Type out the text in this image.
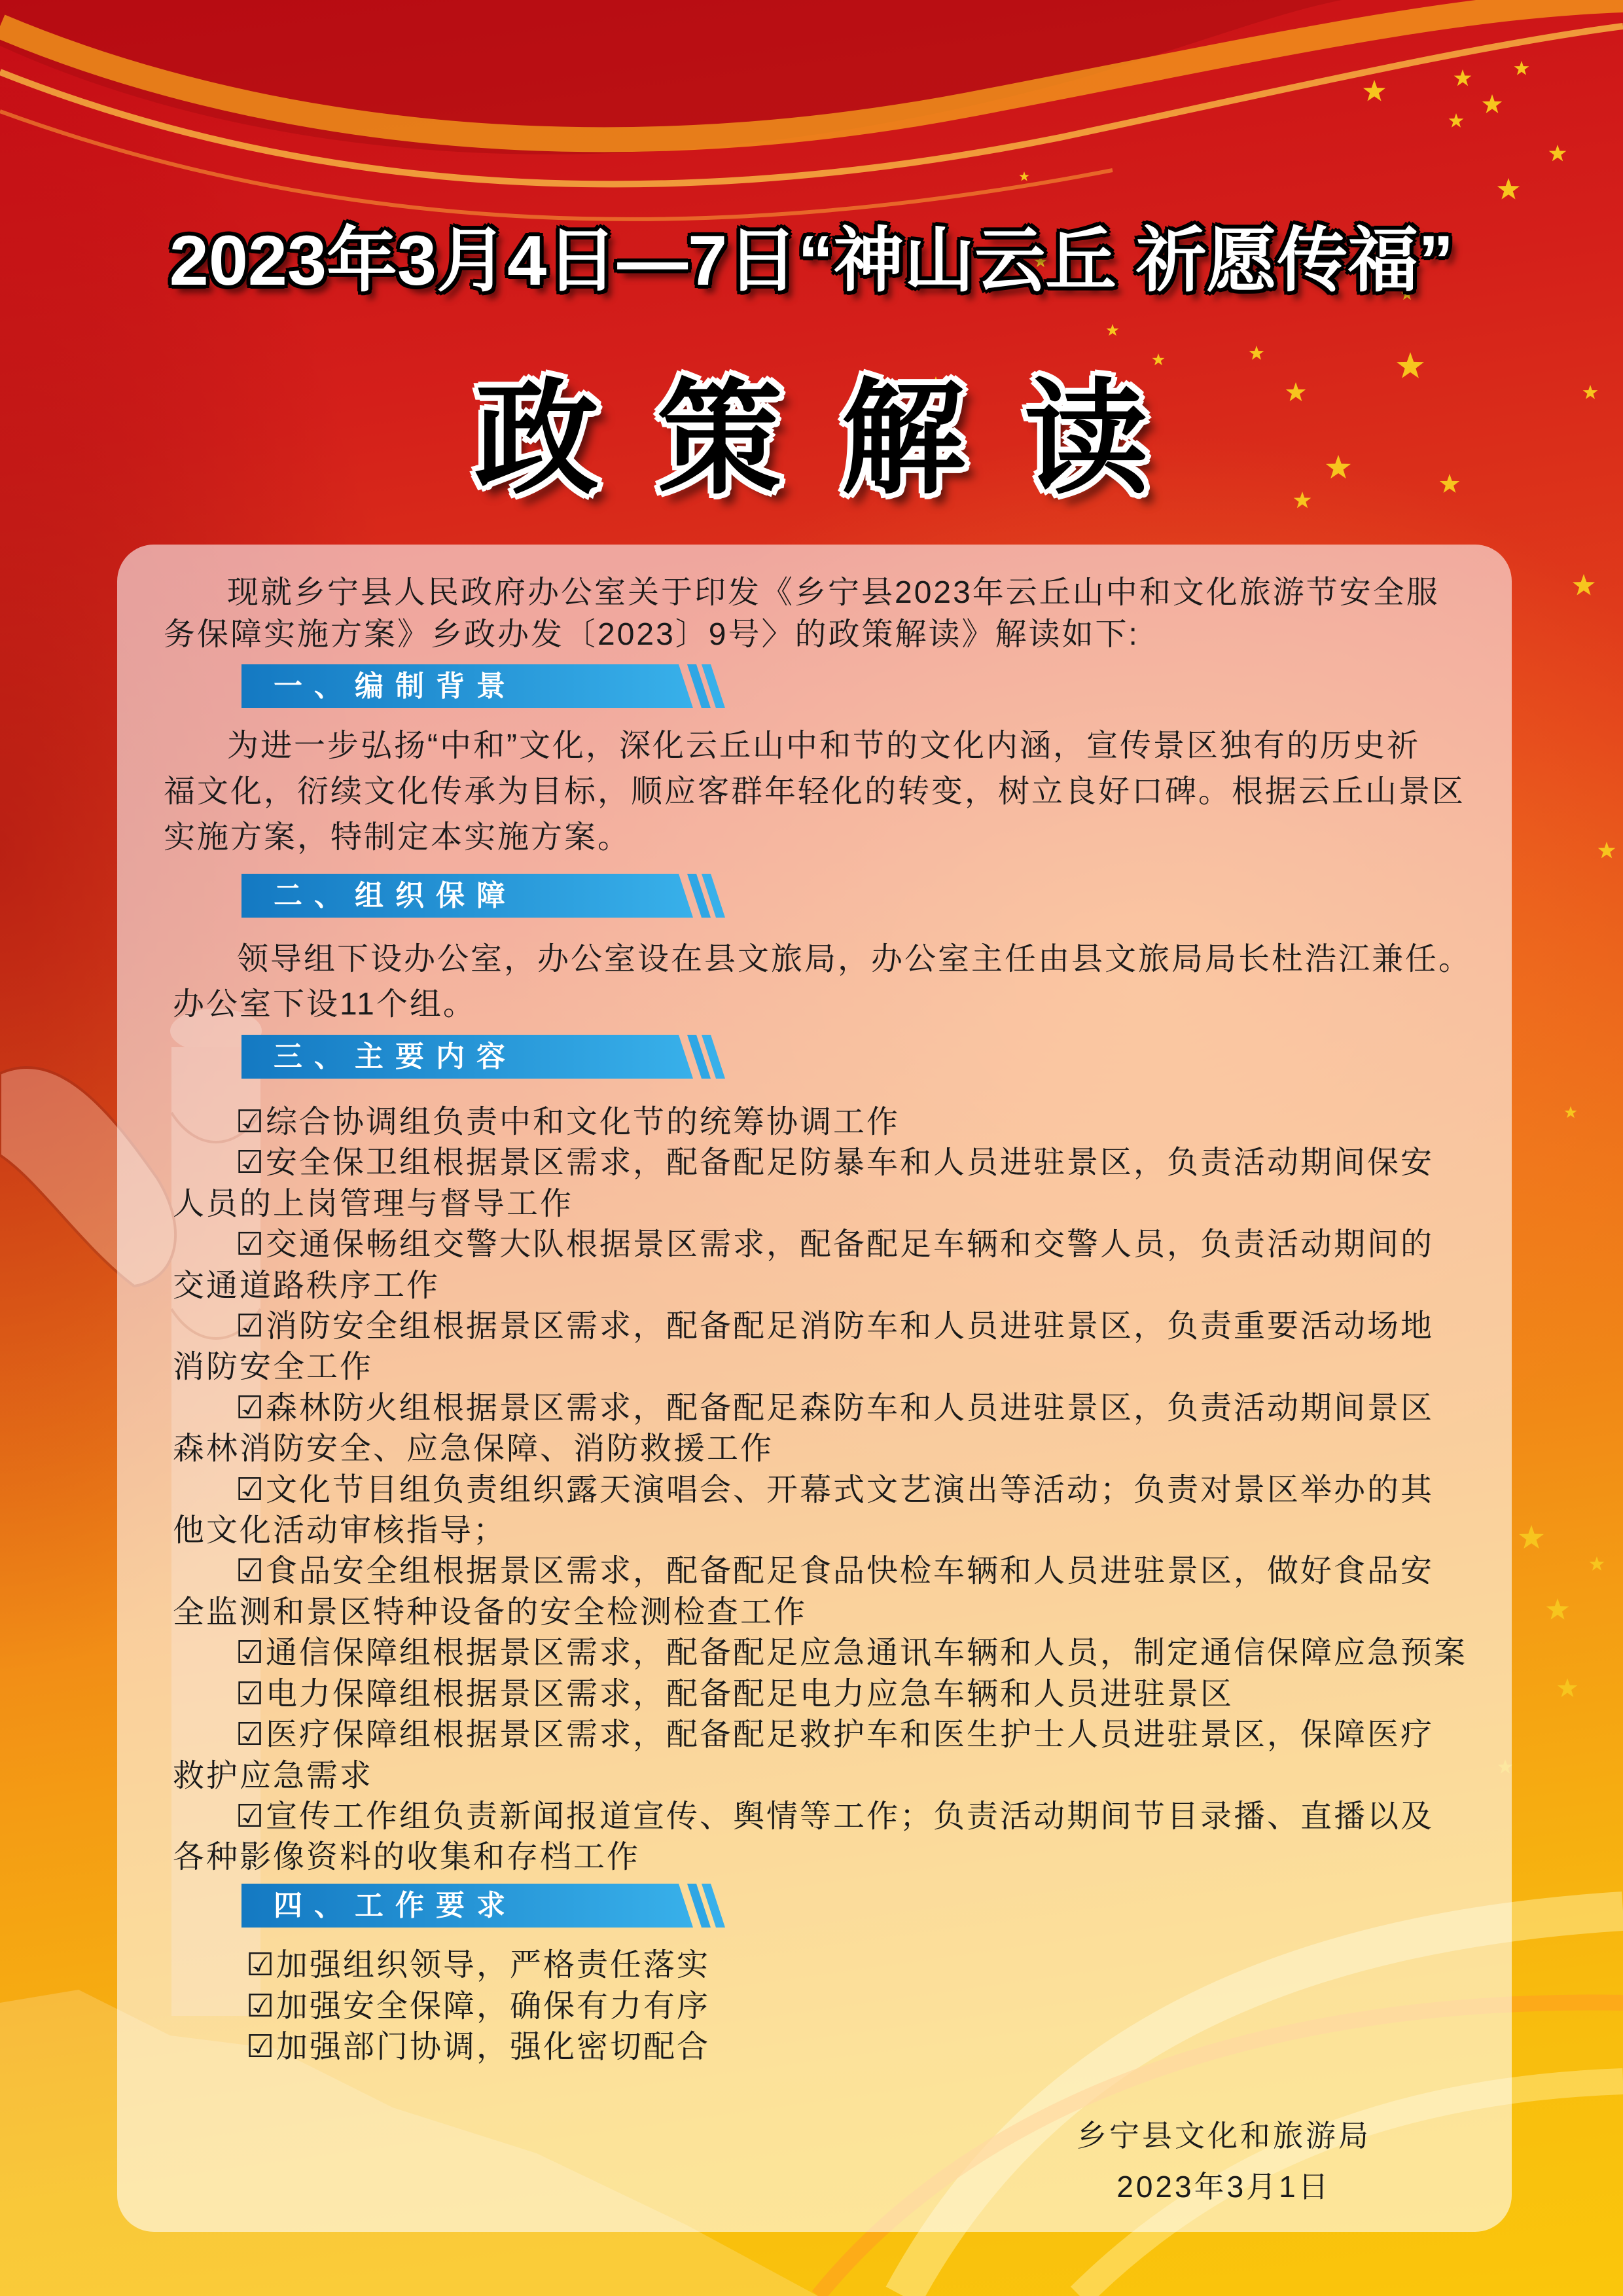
2023年3月4日—7日“神山云丘 祈愿传福”
政策解读
现就乡宁县人民政府办公室关于印发《乡宁县2023年云丘山中和文化旅游节安全服
务保障实施方案》乡政办发〔2023〕9号〉的政策解读》解读如下:
一、编制背景
为进一步弘扬“中和”文化，深化云丘山中和节的文化内涵，宣传景区独有的历史祈
福文化，衍续文化传承为目标，顺应客群年轻化的转变，树立良好口碑。根据云丘山景区
实施方案，特制定本实施方案。
二、组织保障
领导组下设办公室，办公室设在县文旅局，办公室主任由县文旅局局长杜浩江兼任。
办公室下设11个组。
三、主要内容
☑综合协调组负责中和文化节的统筹协调工作
☑安全保卫组根据景区需求，配备配足防暴车和人员进驻景区，负责活动期间保安
人员的上岗管理与督导工作
☑交通保畅组交警大队根据景区需求，配备配足车辆和交警人员，负责活动期间的
交通道路秩序工作
☑消防安全组根据景区需求，配备配足消防车和人员进驻景区，负责重要活动场地
消防安全工作
☑森林防火组根据景区需求，配备配足森防车和人员进驻景区，负责活动期间景区
森林消防安全、应急保障、消防救援工作
☑文化节目组负责组织露天演唱会、开幕式文艺演出等活动；负责对景区举办的其
他文化活动审核指导；
☑食品安全组根据景区需求，配备配足食品快检车辆和人员进驻景区，做好食品安
全监测和景区特种设备的安全检测检查工作
☑通信保障组根据景区需求，配备配足应急通讯车辆和人员，制定通信保障应急预案
☑电力保障组根据景区需求，配备配足电力应急车辆和人员进驻景区
☑医疗保障组根据景区需求，配备配足救护车和医生护士人员进驻景区，保障医疗
救护应急需求
☑宣传工作组负责新闻报道宣传、舆情等工作；负责活动期间节目录播、直播以及
各种影像资料的收集和存档工作
四、工作要求
☑加强组织领导，严格责任落实
☑加强安全保障，确保有力有序
☑加强部门协调，强化密切配合
乡宁县文化和旅游局
2023年3月1日
